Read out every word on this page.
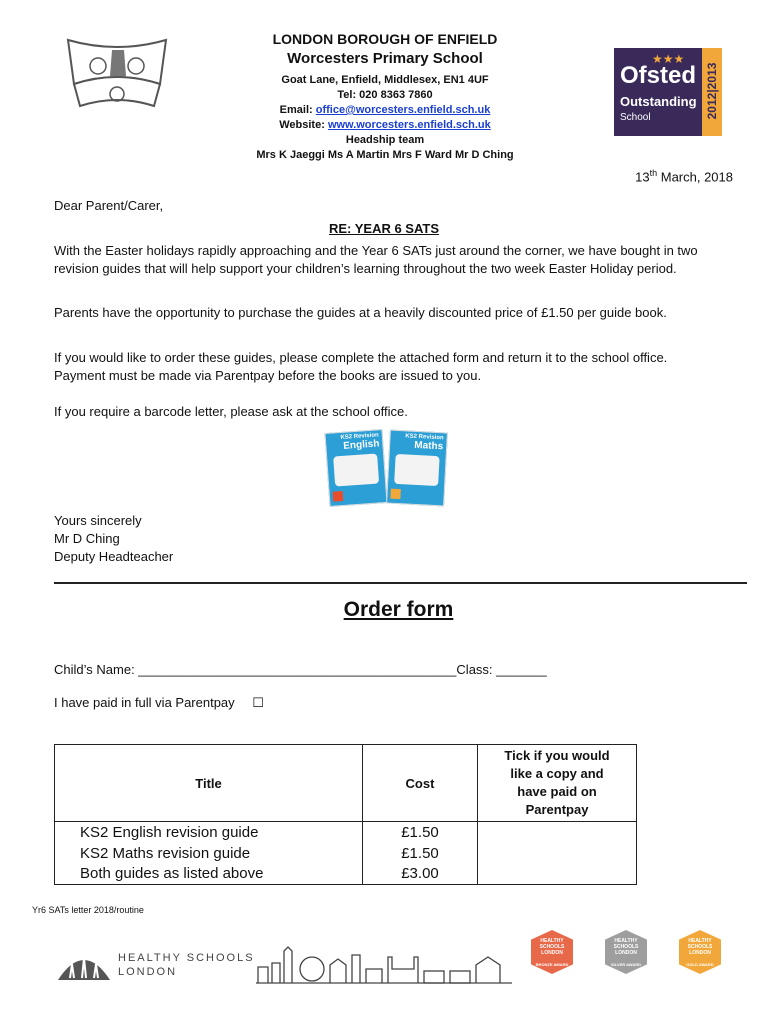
LONDON BOROUGH OF ENFIELD
Worcesters Primary School
Goat Lane, Enfield, Middlesex, EN1 4UF
Tel: 020 8363 7860
Email: office@worcesters.enfield.sch.uk
Website: www.worcesters.enfield.sch.uk
Headship team
Mrs K Jaeggi Ms A Martin Mrs F Ward Mr D Ching
★★★
Ofsted
Outstanding
School	2012|2013
13th March, 2018
Dear Parent/Carer,
RE: YEAR 6 SATS
With the Easter holidays rapidly approaching and the Year 6 SATs just around the corner, we have bought in two revision guides that will help support your children’s learning throughout the two week Easter Holiday period.
Parents have the opportunity to purchase the guides at a heavily discounted price of £1.50 per guide book.
If you would like to order these guides, please complete the attached form and return it to the school office. Payment must be made via Parentpay before the books are issued to you.
If you require a barcode letter, please ask at the school office.
KS2 Revision
English
KS2 Revision
Maths
Yours sincerely
Mr D Ching
Deputy Headteacher
Order form
Child’s Name: ____________________________________________Class: _______
I have paid in full via Parentpay ☐
Title	Cost	Tick if you would like a copy and have paid on Parentpay
KS2 English revision guide	£1.50	
KS2 Maths revision guide	£1.50	
Both guides as listed above	£3.00	
Yr6 SATs letter 2018/routine
HEALTHY SCHOOLS
LONDON
HEALTHY
SCHOOLS
LONDON
BRONZE AWARD
HEALTHY
SCHOOLS
LONDON
SILVER AWARD
HEALTHY
SCHOOLS
LONDON
GOLD AWARD
